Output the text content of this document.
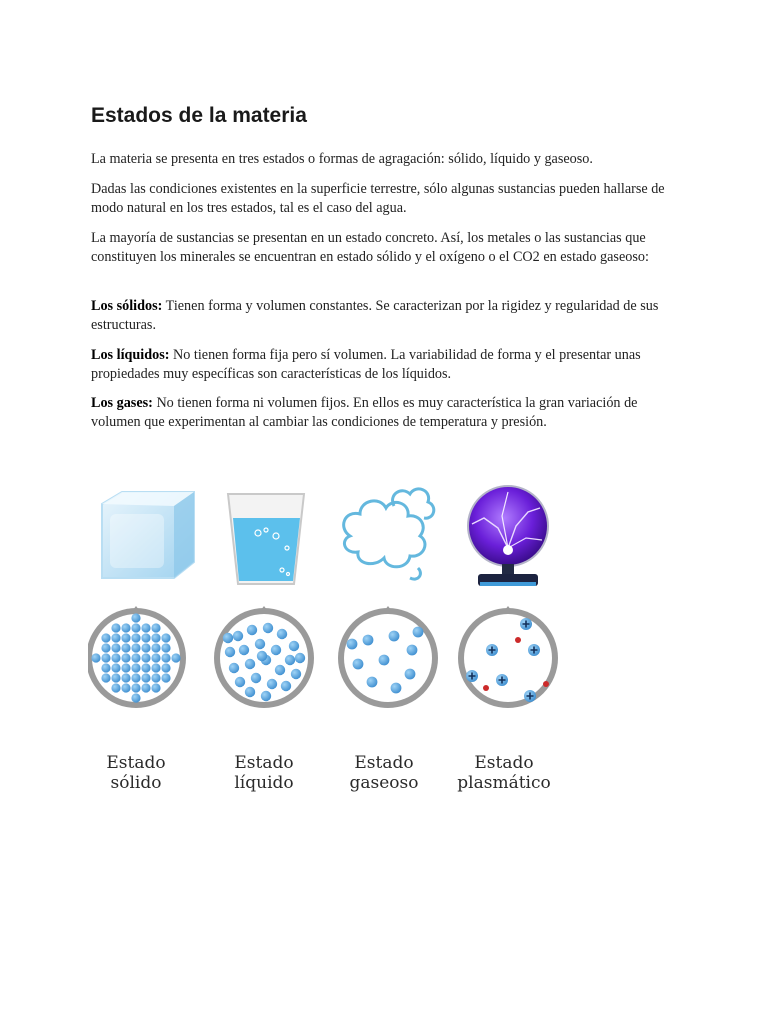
Estados de la materia

La materia se presenta en tres estados o formas de agragación: sólido, líquido y gaseoso.

Dadas las condiciones existentes en la superficie terrestre, sólo algunas sustancias pueden hallarse de modo natural en los tres estados, tal es el caso del agua.

La mayoría de sustancias se presentan en un estado concreto. Así, los metales o las sustancias que constituyen los minerales se encuentran en estado sólido y el oxígeno o el CO2 en estado gaseoso:

Los sólidos: Tienen forma y volumen constantes. Se caracterizan por la rigidez y regularidad de sus estructuras.

Los líquidos: No tienen forma fija pero sí volumen. La variabilidad de forma y el presentar unas propiedades muy específicas son características de los líquidos.

Los gases: No tienen forma ni volumen fijos. En ellos es muy característica la gran variación de volumen que experimentan al cambiar las condiciones de temperatura y presión.

Estado
sólido
Estado
líquido
Estado
gaseoso
Estado
plasmático
